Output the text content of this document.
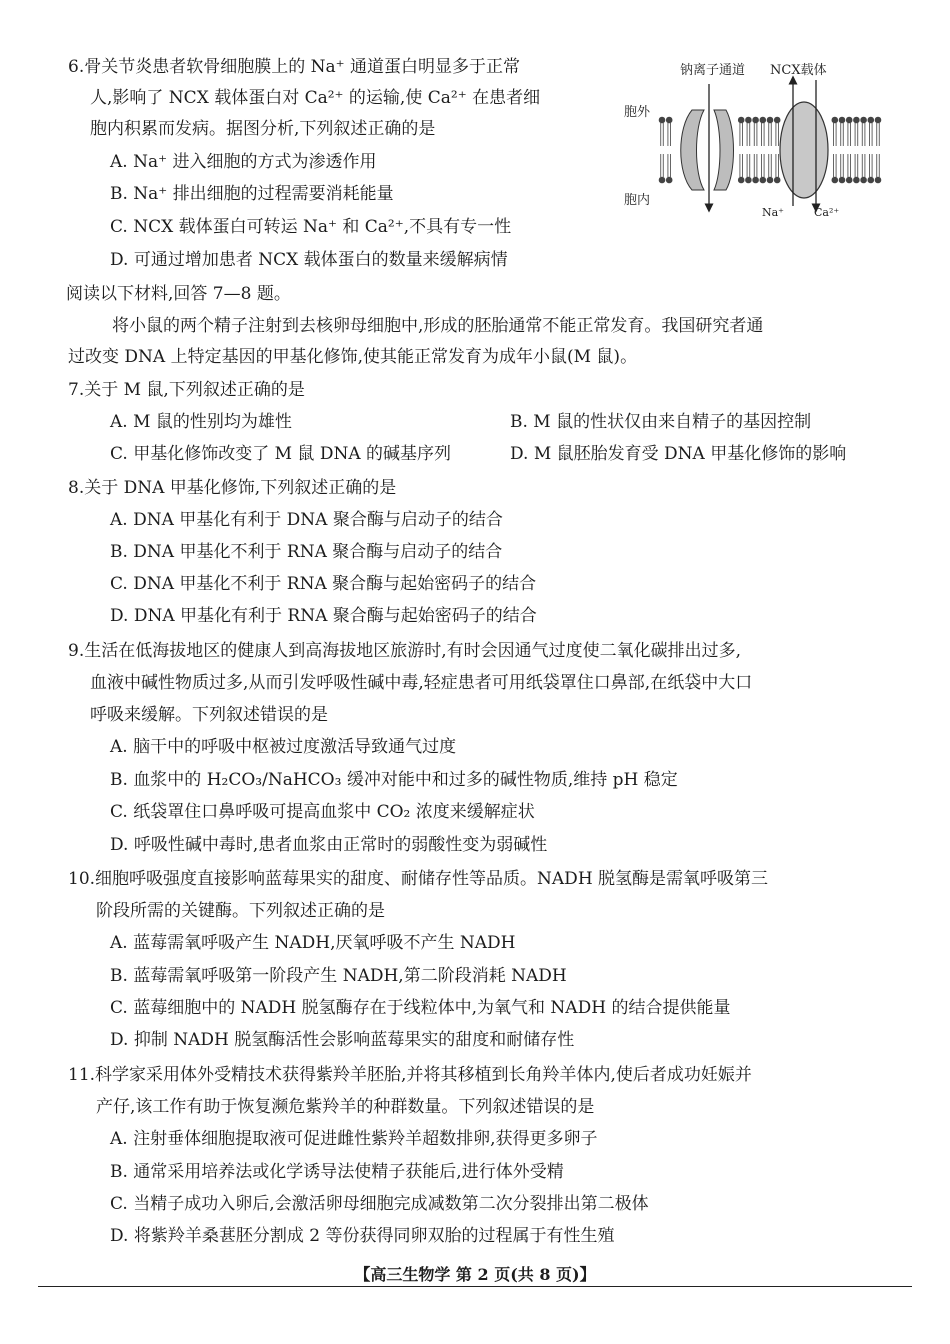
6.骨关节炎患者软骨细胞膜上的 Na⁺ 通道蛋白明显多于正常
人,影响了 NCX 载体蛋白对 Ca²⁺ 的运输,使 Ca²⁺ 在患者细
胞内积累而发病。据图分析,下列叙述正确的是
A. Na⁺ 进入细胞的方式为渗透作用
B. Na⁺ 排出细胞的过程需要消耗能量
C. NCX 载体蛋白可转运 Na⁺ 和 Ca²⁺,不具有专一性
D. 可通过增加患者 NCX 载体蛋白的数量来缓解病情
钠离子通道 NCX载体
胞外
胞内
Na⁺	Ca²⁺
阅读以下材料,回答 7—8 题。
将小鼠的两个精子注射到去核卵母细胞中,形成的胚胎通常不能正常发育。我国研究者通
过改变 DNA 上特定基因的甲基化修饰,使其能正常发育为成年小鼠(M 鼠)。
7.关于 M 鼠,下列叙述正确的是
A. M 鼠的性别均为雄性	B. M 鼠的性状仅由来自精子的基因控制
C. 甲基化修饰改变了 M 鼠 DNA 的碱基序列	D. M 鼠胚胎发育受 DNA 甲基化修饰的影响
8.关于 DNA 甲基化修饰,下列叙述正确的是
A. DNA 甲基化有利于 DNA 聚合酶与启动子的结合
B. DNA 甲基化不利于 RNA 聚合酶与启动子的结合
C. DNA 甲基化不利于 RNA 聚合酶与起始密码子的结合
D. DNA 甲基化有利于 RNA 聚合酶与起始密码子的结合
9.生活在低海拔地区的健康人到高海拔地区旅游时,有时会因通气过度使二氧化碳排出过多,
血液中碱性物质过多,从而引发呼吸性碱中毒,轻症患者可用纸袋罩住口鼻部,在纸袋中大口
呼吸来缓解。下列叙述错误的是
A. 脑干中的呼吸中枢被过度激活导致通气过度
B. 血浆中的 H₂CO₃/NaHCO₃ 缓冲对能中和过多的碱性物质,维持 pH 稳定
C. 纸袋罩住口鼻呼吸可提高血浆中 CO₂ 浓度来缓解症状
D. 呼吸性碱中毒时,患者血浆由正常时的弱酸性变为弱碱性
10.细胞呼吸强度直接影响蓝莓果实的甜度、耐储存性等品质。NADH 脱氢酶是需氧呼吸第三
阶段所需的关键酶。下列叙述正确的是
A. 蓝莓需氧呼吸产生 NADH,厌氧呼吸不产生 NADH
B. 蓝莓需氧呼吸第一阶段产生 NADH,第二阶段消耗 NADH
C. 蓝莓细胞中的 NADH 脱氢酶存在于线粒体中,为氧气和 NADH 的结合提供能量
D. 抑制 NADH 脱氢酶活性会影响蓝莓果实的甜度和耐储存性
11.科学家采用体外受精技术获得紫羚羊胚胎,并将其移植到长角羚羊体内,使后者成功妊娠并
产仔,该工作有助于恢复濒危紫羚羊的种群数量。下列叙述错误的是
A. 注射垂体细胞提取液可促进雌性紫羚羊超数排卵,获得更多卵子
B. 通常采用培养法或化学诱导法使精子获能后,进行体外受精
C. 当精子成功入卵后,会激活卵母细胞完成减数第二次分裂排出第二极体
D. 将紫羚羊桑葚胚分割成 2 等份获得同卵双胎的过程属于有性生殖
【高三生物学 第 2 页(共 8 页)】
